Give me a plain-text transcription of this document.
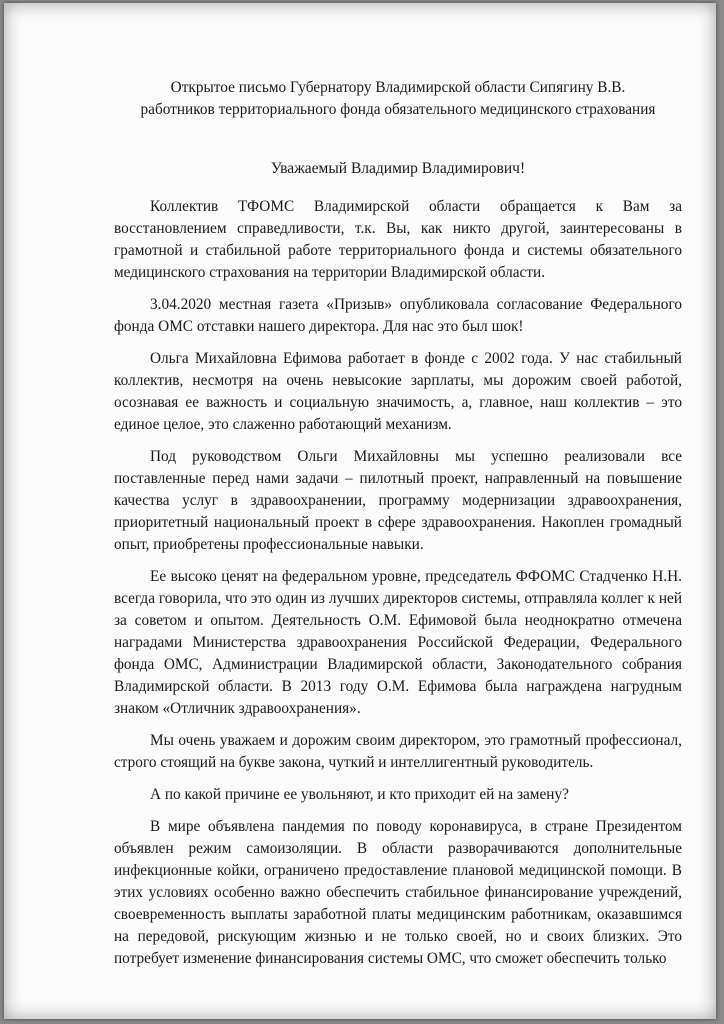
Открытое письмо Губернатору Владимирской области Сипягину В.В.
работников территориального фонда обязательного медицинского страхования

Уважаемый Владимир Владимирович!

Коллектив ТФОМС Владимирской области обращается к Вам за восстановлением справедливости, т.к. Вы, как никто другой, заинтересованы в грамотной и стабильной работе территориального фонда и системы обязательного медицинского страхования на территории Владимирской области.

3.04.2020 местная газета «Призыв» опубликовала согласование Федерального фонда ОМС отставки нашего директора. Для нас это был шок!

Ольга Михайловна Ефимова работает в фонде с 2002 года. У нас стабильный коллектив, несмотря на очень невысокие зарплаты, мы дорожим своей работой, осознавая ее важность и социальную значимость, а, главное, наш коллектив – это единое целое, это слаженно работающий механизм.

Под руководством Ольги Михайловны мы успешно реализовали все поставленные перед нами задачи – пилотный проект, направленный на повышение качества услуг в здравоохранении, программу модернизации здравоохранения, приоритетный национальный проект в сфере здравоохранения. Накоплен громадный опыт, приобретены профессиональные навыки.

Ее высоко ценят на федеральном уровне, председатель ФФОМС Стадченко Н.Н. всегда говорила, что это один из лучших директоров системы, отправляла коллег к ней за советом и опытом. Деятельность О.М. Ефимовой была неоднократно отмечена наградами Министерства здравоохранения Российской Федерации, Федерального фонда ОМС, Администрации Владимирской области, Законодательного собрания Владимирской области. В 2013 году О.М. Ефимова была награждена нагрудным знаком «Отличник здравоохранения».

Мы очень уважаем и дорожим своим директором, это грамотный профессионал, строго стоящий на букве закона, чуткий и интеллигентный руководитель.

А по какой причине ее увольняют, и кто приходит ей на замену?

В мире объявлена пандемия по поводу коронавируса, в стране Президентом объявлен режим самоизоляции. В области разворачиваются дополнительные инфекционные койки, ограничено предоставление плановой медицинской помощи. В этих условиях особенно важно обеспечить стабильное финансирование учреждений, своевременность выплаты заработной платы медицинским работникам, оказавшимся на передовой, рискующим жизнью и не только своей, но и своих близких. Это потребует изменение финансирования системы ОМС, что сможет обеспечить только
